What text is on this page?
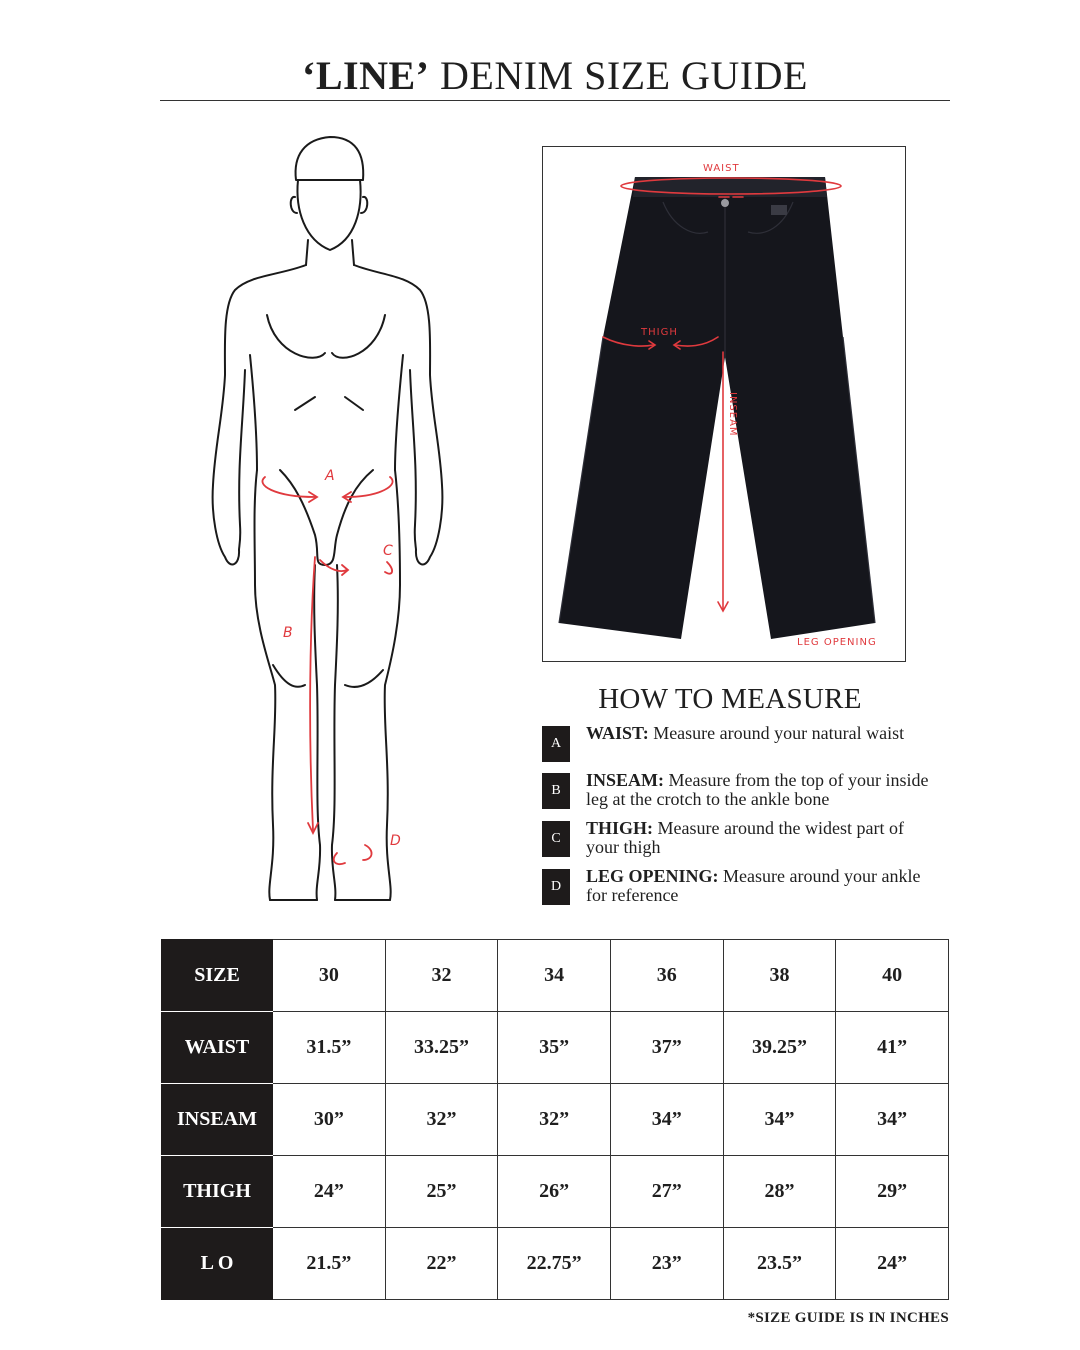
‘LINE’ DENIM SIZE GUIDE
A
B
C
D
WAIST
THIGH
LEG OPENING
INSEAM
HOW TO MEASURE
A
WAIST: Measure around your natural waist
B
INSEAM: Measure from the top of your inside leg at the crotch to the ankle bone
C
THIGH: Measure around the widest part of your thigh
D
LEG OPENING: Measure around your ankle for reference
SIZE	30	32	34	36	38	40
WAIST	31.5”	33.25”	35”	37”	39.25”	41”
INSEAM	30”	32”	32”	34”	34”	34”
THIGH	24”	25”	26”	27”	28”	29”
L O	21.5”	22”	22.75”	23”	23.5”	24”
*SIZE GUIDE IS IN INCHES
